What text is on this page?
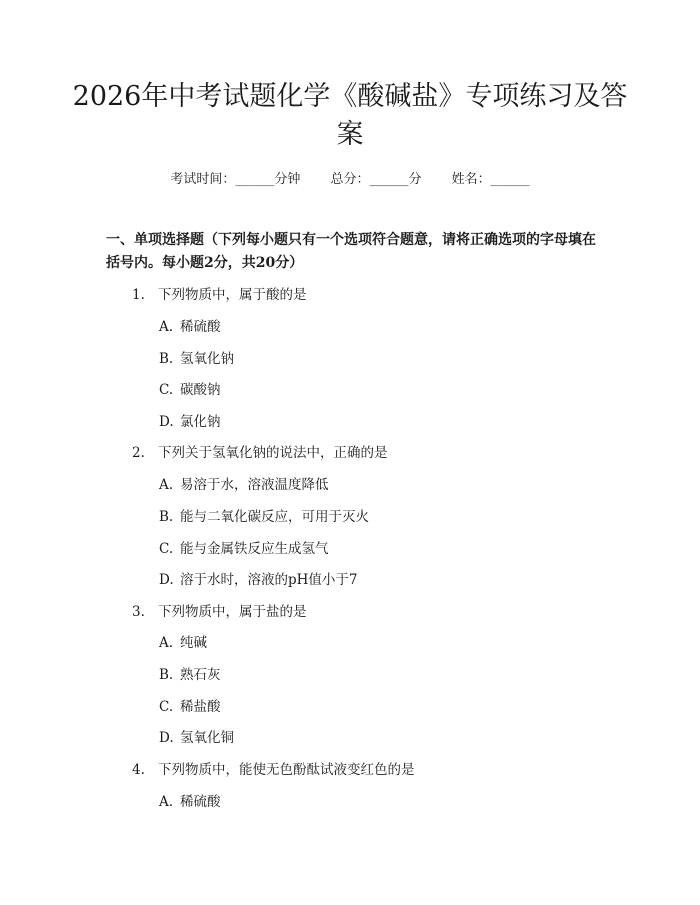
2026年中考试题化学《酸碱盐》专项练习及答案
考试时间：______分钟 总分：______分 姓名：______

一、单项选择题（下列每小题只有一个选项符合题意，请将正确选项的字母填在括号内。每小题2分，共20分）

1. 下列物质中，属于酸的是
A. 稀硫酸
B. 氢氧化钠
C. 碳酸钠
D. 氯化钠
2. 下列关于氢氧化钠的说法中，正确的是
A. 易溶于水，溶液温度降低
B. 能与二氧化碳反应，可用于灭火
C. 能与金属铁反应生成氢气
D. 溶于水时，溶液的pH值小于7
3. 下列物质中，属于盐的是
A. 纯碱
B. 熟石灰
C. 稀盐酸
D. 氢氧化铜
4. 下列物质中，能使无色酚酞试液变红色的是
A. 稀硫酸
